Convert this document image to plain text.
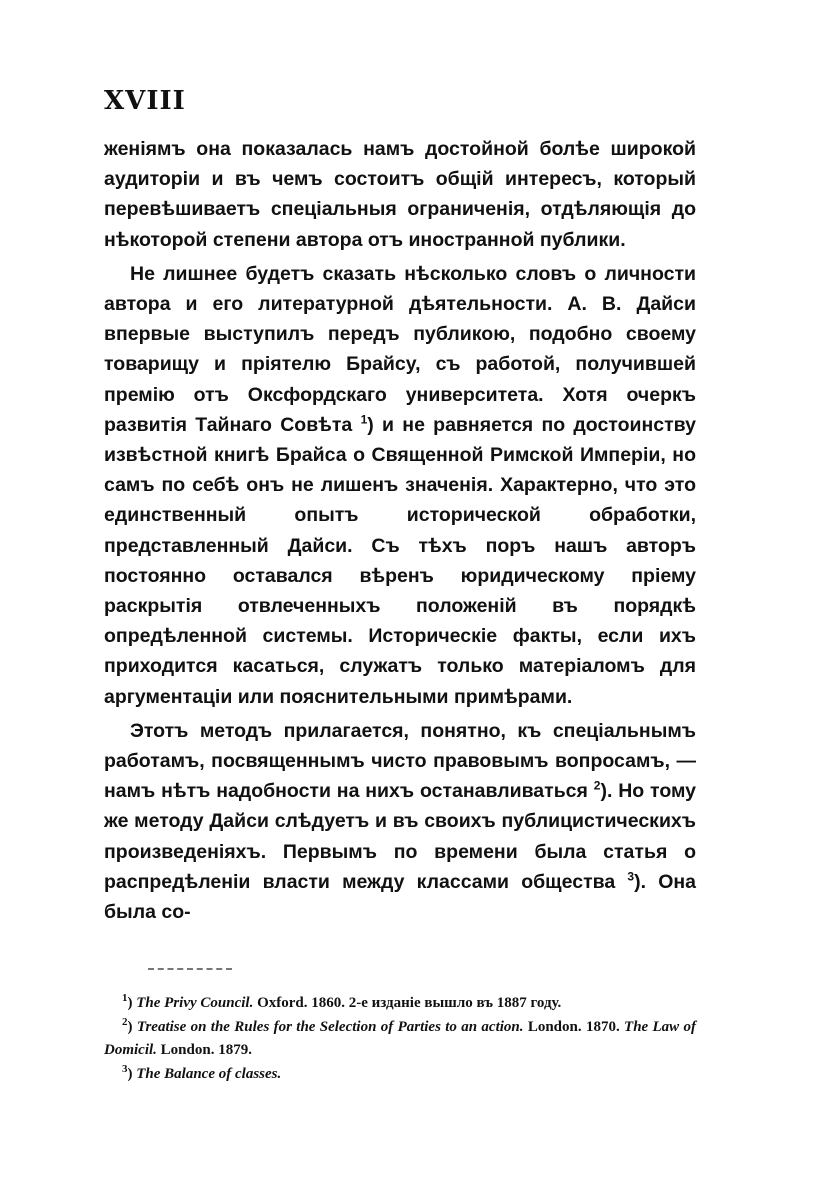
XVIII

женіямъ она показалась намъ достойной болѣе широкой аудиторіи и въ чемъ состоитъ общій интересъ, который перевѣшиваетъ спеціальныя ограниченія, отдѣляющія до нѣкоторой степени автора отъ иностранной публики.

Не лишнее будетъ сказать нѣсколько словъ о личности автора и его литературной дѣятельности. А. В. Дайси впервые выступилъ передъ публикою, подобно своему товарищу и пріятелю Брайсу, съ работой, получившей премію отъ Оксфордскаго университета. Хотя очеркъ развитія Тайнаго Совѣта $^1$) и не равняется по достоинству извѣстной книгѣ Брайса о Священной Римской Имперіи, но самъ по себѣ онъ не лишенъ значенія. Характерно, что это единственный опытъ исторической обработки, представленный Дайси. Съ тѣхъ поръ нашъ авторъ постоянно оставался вѣренъ юридическому пріему раскрытія отвлеченныхъ положеній въ порядкѣ опредѣленной системы. Историческіе факты, если ихъ приходится касаться, служатъ только матеріаломъ для аргументаціи или пояснительными примѣрами.

Этотъ методъ прилагается, понятно, къ спеціальнымъ работамъ, посвященнымъ чисто правовымъ вопросамъ, — намъ нѣтъ надобности на нихъ останавливаться $^2$). Но тому же методу Дайси слѣдуетъ и въ своихъ публицистическихъ произведеніяхъ. Первымъ по времени была статья о распредѣленіи власти между классами общества $^3$). Она была со-

$^1$) The Privy Council. Oxford. 1860. 2-е изданіе вышло въ 1887 году.

$^2$) Treatise on the Rules for the Selection of Parties to an action. London. 1870. The Law of Domicil. London. 1879.

$^3$) The Balance of classes.
